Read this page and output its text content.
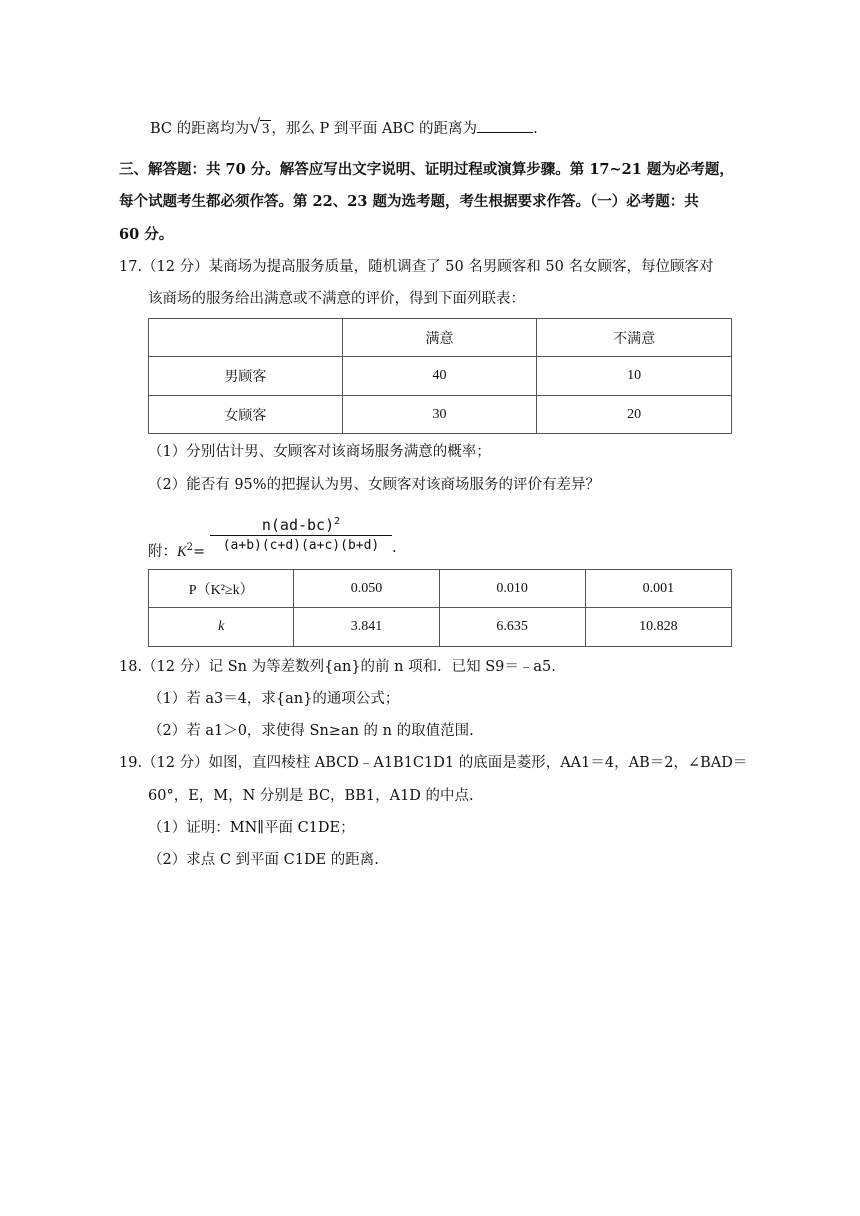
BC 的距离均为√ 3 ，那么 P 到平面 ABC 的距离为	.
三、解答题：共 70 分。解答应写出文字说明、证明过程或演算步骤。第 17~21 题为必考题，
每个试题考生都必须作答。第 22、23 题为选考题，考生根据要求作答。（一）必考题：共
60 分。
17.（12 分）某商场为提高服务质量，随机调查了 50 名男顾客和 50 名女顾客，每位顾客对
该商场的服务给出满意或不满意的评价，得到下面列联表：
	满意	不满意
男顾客	40	10
女顾客	30	20
（1）分别估计男、女顾客对该商场服务满意的概率；
（2）能否有 95%的把握认为男、女顾客对该商场服务的评价有差异？
附：$K^2= \frac{n(ad-bc)^2}{(a+b)(c+d)(a+c)(b+d)}$ .
P（K²≥k）	0.050	0.010	0.001
k	3.841	6.635	10.828
18.（12 分）记 Sn 为等差数列{an}的前 n 项和．已知 S9＝﹣a5.
（1）若 a3＝4，求{an}的通项公式；
（2）若 a1＞0，求使得 Sn≥an 的 n 的取值范围.
19.（12 分）如图，直四棱柱 ABCD﹣A1B1C1D1 的底面是菱形，AA1＝4，AB＝2，∠BAD＝
60°，E，M，N 分别是 BC，BB1，A1D 的中点.
（1）证明：MN∥平面 C1DE；
（2）求点 C 到平面 C1DE 的距离.
